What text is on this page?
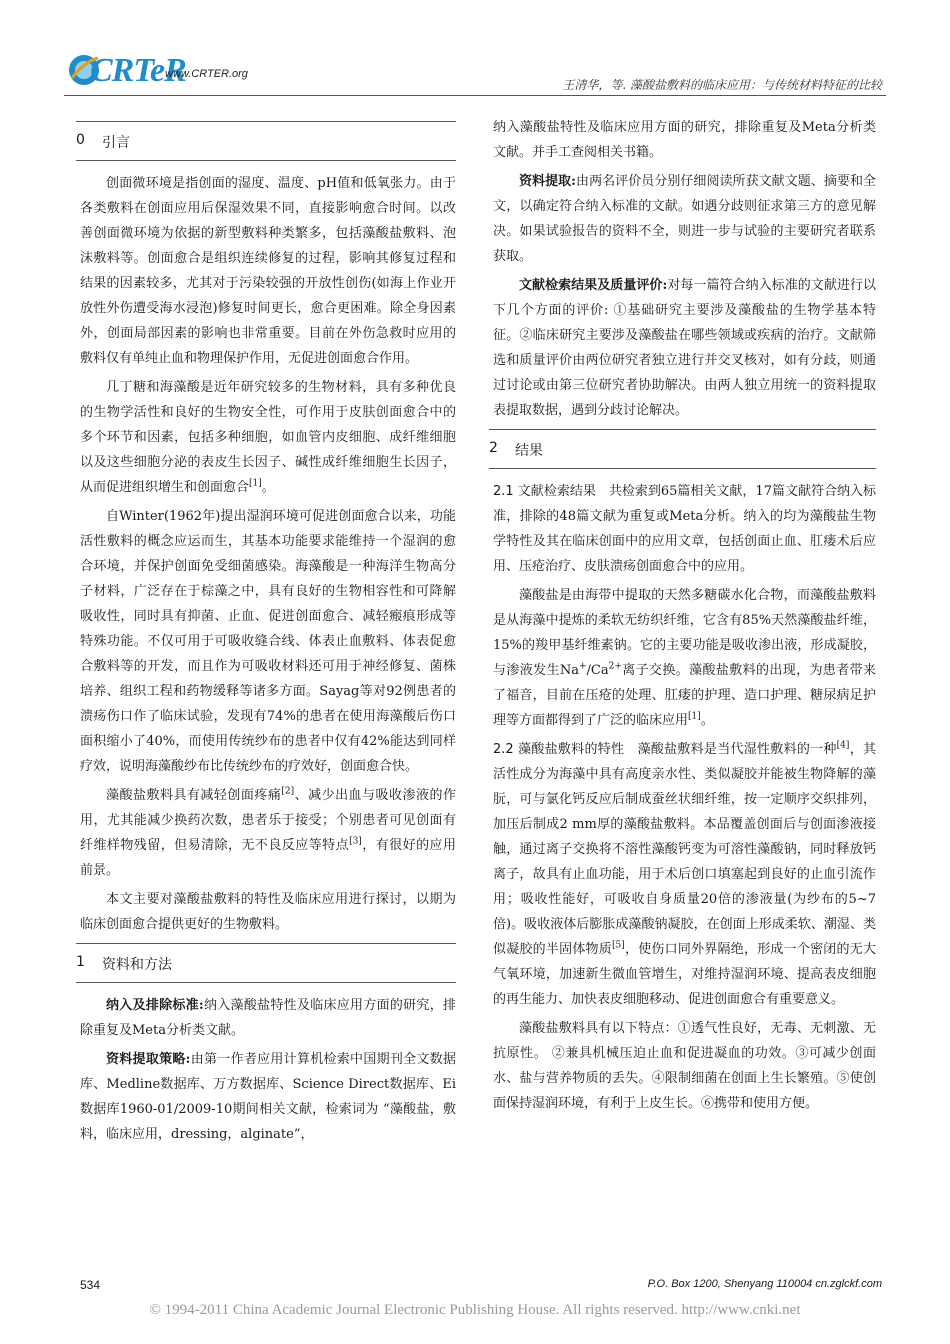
CRTeR
www.CRTER.org
王清华，等. 藻酸盐敷料的临床应用：与传统材料特征的比较
0	引言

创面微环境是指创面的湿度、温度、pH值和低氧张力。由于各类敷料在创面应用后保湿效果不同，直接影响愈合时间。以改善创面微环境为依据的新型敷料种类繁多，包括藻酸盐敷料、泡沫敷料等。创面愈合是组织连续修复的过程，影响其修复过程和结果的因素较多，尤其对于污染较强的开放性创伤(如海上作业开放性外伤遭受海水浸泡)修复时间更长，愈合更困难。除全身因素外，创面局部因素的影响也非常重要。目前在外伤急救时应用的敷料仅有单纯止血和物理保护作用，无促进创面愈合作用。

几丁糖和海藻酸是近年研究较多的生物材料，具有多种优良的生物学活性和良好的生物安全性，可作用于皮肤创面愈合中的多个环节和因素，包括多种细胞，如血管内皮细胞、成纤维细胞以及这些细胞分泌的表皮生长因子、碱性成纤维细胞生长因子，从而促进组织增生和创面愈合[1]。

自Winter(1962年)提出湿润环境可促进创面愈合以来，功能活性敷料的概念应运而生，其基本功能要求能维持一个湿润的愈合环境，并保护创面免受细菌感染。海藻酸是一种海洋生物高分子材料，广泛存在于棕藻之中，具有良好的生物相容性和可降解吸收性，同时具有抑菌、止血、促进创面愈合、减轻瘢痕形成等特殊功能。不仅可用于可吸收缝合线、体表止血敷料、体表促愈合敷料等的开发，而且作为可吸收材料还可用于神经修复、菌株培养、组织工程和药物缓释等诸多方面。Sayag等对92例患者的溃疡伤口作了临床试验，发现有74%的患者在使用海藻酸后伤口面积缩小了40%，而使用传统纱布的患者中仅有42%能达到同样疗效，说明海藻酸纱布比传统纱布的疗效好，创面愈合快。

藻酸盐敷料具有减轻创面疼痛[2]、减少出血与吸收渗液的作用，尤其能减少换药次数，患者乐于接受；个别患者可见创面有纤维样物残留，但易清除，无不良反应等特点[3]，有很好的应用前景。

本文主要对藻酸盐敷料的特性及临床应用进行探讨，以期为临床创面愈合提供更好的生物敷料。

1	资料和方法

纳入及排除标准:纳入藻酸盐特性及临床应用方面的研究，排除重复及Meta分析类文献。

资料提取策略:由第一作者应用计算机检索中国期刊全文数据库、Medline数据库、万方数据库、Science Direct数据库、Ei数据库1960-01/2009-10期间相关文献，检索词为 “藻酸盐，敷料，临床应用，dressing，alginate”，

纳入藻酸盐特性及临床应用方面的研究，排除重复及Meta分析类文献。并手工查阅相关书籍。

资料提取:由两名评价员分别仔细阅读所获文献文题、摘要和全文，以确定符合纳入标准的文献。如遇分歧则征求第三方的意见解决。如果试验报告的资料不全，则进一步与试验的主要研究者联系获取。

文献检索结果及质量评价:对每一篇符合纳入标准的文献进行以下几个方面的评价: ①基础研究主要涉及藻酸盐的生物学基本特征。②临床研究主要涉及藻酸盐在哪些领域或疾病的治疗。文献筛选和质量评价由两位研究者独立进行并交叉核对，如有分歧，则通过讨论或由第三位研究者协助解决。由两人独立用统一的资料提取表提取数据，遇到分歧讨论解决。

2	结果

2.1 文献检索结果　 共检索到65篇相关文献，17篇文献符合纳入标准，排除的48篇文献为重复或Meta分析。纳入的均为藻酸盐生物学特性及其在临床创面中的应用文章，包括创面止血、肛瘘术后应用、压疮治疗、皮肤溃疡创面愈合中的应用。

藻酸盐是由海带中提取的天然多糖碳水化合物，而藻酸盐敷料是从海藻中提炼的柔软无纺织纤维，它含有85%天然藻酸盐纤维，15%的羧甲基纤维素钠。它的主要功能是吸收渗出液，形成凝胶，与渗液发生$Na^+/Ca^{2+}$离子交换。藻酸盐敷料的出现，为患者带来了福音，目前在压疮的处理、肛瘘的护理、造口护理、糖尿病足护理等方面都得到了广泛的临床应用[1]。

2.2 藻酸盐敷料的特性　 藻酸盐敷料是当代湿性敷料的一种[4]，其活性成分为海藻中具有高度亲水性、类似凝胶并能被生物降解的藻朊，可与氯化钙反应后制成蚕丝状细纤维，按一定顺序交织排列，加压后制成2 mm厚的藻酸盐敷料。本品覆盖创面后与创面渗液接触，通过离子交换将不溶性藻酸钙变为可溶性藻酸钠，同时释放钙离子，故具有止血功能，用于术后创口填塞起到良好的止血引流作用；吸收性能好，可吸收自身质量20倍的渗液量(为纱布的5~7倍)。吸收液体后膨胀成藻酸钠凝胶，在创面上形成柔软、潮湿、类似凝胶的半固体物质[5]，使伤口同外界隔绝，形成一个密闭的无大气氧环境，加速新生微血管增生，对维持湿润环境、提高表皮细胞的再生能力、加快表皮细胞移动、促进创面愈合有重要意义。

藻酸盐敷料具有以下特点：①透气性良好，无毒、无刺激、无抗原性。 ②兼具机械压迫止血和促进凝血的功效。③可减少创面水、盐与营养物质的丢失。④限制细菌在创面上生长繁殖。⑤使创面保持湿润环境，有利于上皮生长。⑥携带和使用方便。

534	P.O. Box 1200, Shenyang 110004 cn.zglckf.com
© 1994-2011 China Academic Journal Electronic Publishing House. All rights reserved. http://www.cnki.net
